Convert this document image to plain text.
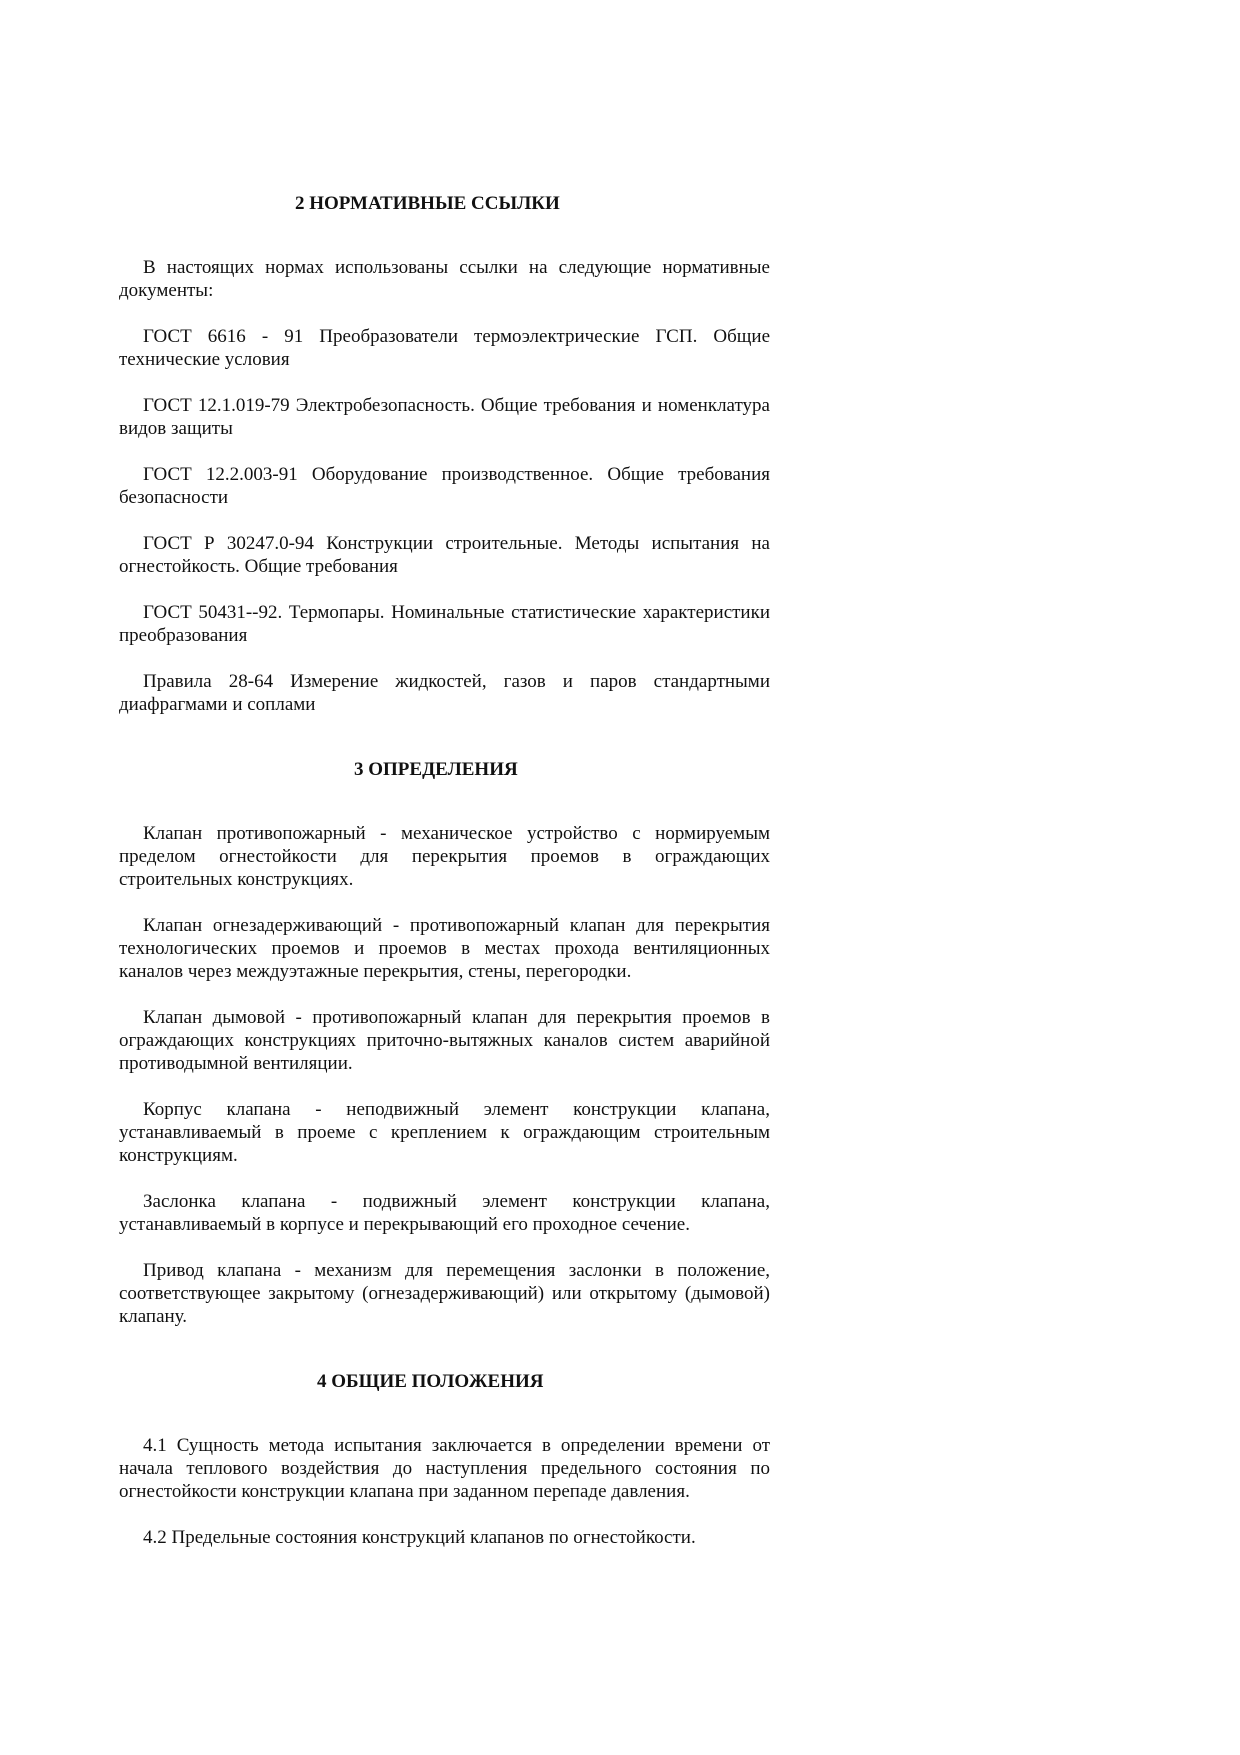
2 НОРМАТИВНЫЕ ССЫЛКИ

В настоящих нормах использованы ссылки на следующие нормативные документы:

ГОСТ 6616 - 91 Преобразователи термоэлектрические ГСП. Общие технические условия

ГОСТ 12.1.019-79 Электробезопасность. Общие требования и номенклатура видов защиты

ГОСТ 12.2.003-91 Оборудование производственное. Общие требования безопасности

ГОСТ Р 30247.0-94 Конструкции строительные. Методы испытания на огнестойкость. Общие требования

ГОСТ 50431--92. Термопары. Номинальные статистические характеристики преобразования

Правила 28-64 Измерение жидкостей, газов и паров стандартными диафрагмами и соплами

3 ОПРЕДЕЛЕНИЯ

Клапан противопожарный - механическое устройство с нормируемым пределом огнестойкости для перекрытия проемов в ограждающих строительных конструкциях.

Клапан огнезадерживающий - противопожарный клапан для перекрытия технологических проемов и проемов в местах прохода вентиляционных каналов через междуэтажные перекрытия, стены, перегородки.

Клапан дымовой - противопожарный клапан для перекрытия проемов в ограждающих конструкциях приточно-вытяжных каналов систем аварийной противодымной вентиляции.

Корпус клапана - неподвижный элемент конструкции клапана, устанавливаемый в проеме с креплением к ограждающим строительным конструкциям.

Заслонка клапана - подвижный элемент конструкции клапана, устанавливаемый в корпусе и перекрывающий его проходное сечение.

Привод клапана - механизм для перемещения заслонки в положение, соответствующее закрытому (огнезадерживающий) или открытому (дымовой) клапану.

4 ОБЩИЕ ПОЛОЖЕНИЯ

4.1 Сущность метода испытания заключается в определении времени от начала теплового воздействия до наступления предельного состояния по огнестойкости конструкции клапана при заданном перепаде давления.

4.2 Предельные состояния конструкций клапанов по огнестойкости.
